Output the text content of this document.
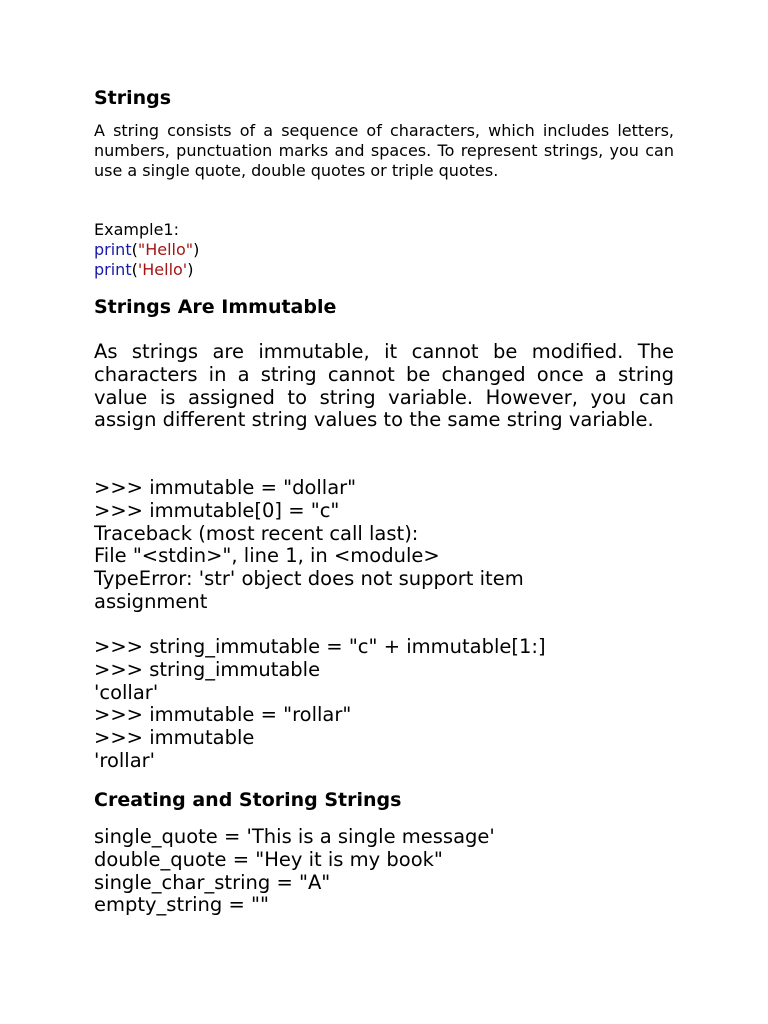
Strings

A string consists of a sequence of characters, which includes letters, numbers, punctuation marks and spaces. To represent strings, you can use a single quote, double quotes or triple quotes.

Example1:
print("Hello")
print('Hello')
Strings Are Immutable

As strings are immutable, it cannot be modified. The characters in a string cannot be changed once a string value is assigned to string variable. However, you can assign different string values to the same string variable.

>>> immutable = "dollar"
>>> immutable[0] = "c"
Traceback (most recent call last):
File "<stdin>", line 1, in <module>
TypeError: 'str' object does not support item
assignment
>>> string_immutable = "c" + immutable[1:]
>>> string_immutable
'collar'
>>> immutable = "rollar"
>>> immutable
'rollar'
Creating and Storing Strings
single_quote = 'This is a single message'
double_quote = "Hey it is my book"
single_char_string = "A"
empty_string = ""
